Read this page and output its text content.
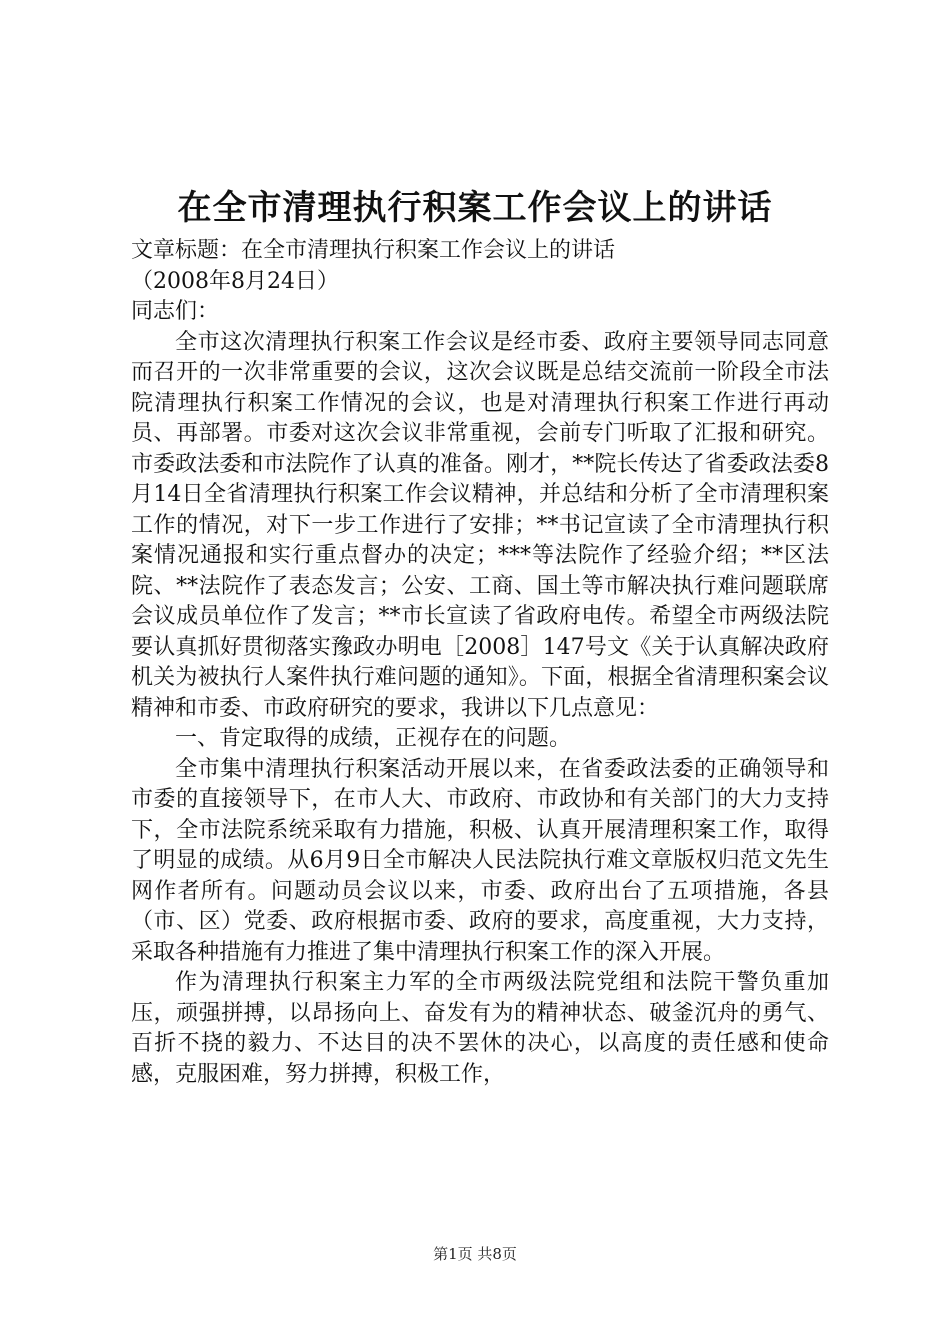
在全市清理执行积案工作会议上的讲话

文章标题：在全市清理执行积案工作会议上的讲话

（2008年8月24日）

同志们：

全市这次清理执行积案工作会议是经市委、政府主要领导同志同意而召开的一次非常重要的会议，这次会议既是总结交流前一阶段全市法院清理执行积案工作情况的会议，也是对清理执行积案工作进行再动员、再部署。市委对这次会议非常重视，会前专门听取了汇报和研究。市委政法委和市法院作了认真的准备。刚才，**院长传达了省委政法委8月14日全省清理执行积案工作会议精神，并总结和分析了全市清理积案工作的情况，对下一步工作进行了安排；**书记宣读了全市清理执行积案情况通报和实行重点督办的决定；***等法院作了经验介绍；**区法院、**法院作了表态发言；公安、工商、国土等市解决执行难问题联席会议成员单位作了发言；**市长宣读了省政府电传。希望全市两级法院要认真抓好贯彻落实豫政办明电［2008］147号文《关于认真解决政府机关为被执行人案件执行难问题的通知》。下面，根据全省清理积案会议精神和市委、市政府研究的要求，我讲以下几点意见：

一、肯定取得的成绩，正视存在的问题。

全市集中清理执行积案活动开展以来，在省委政法委的正确领导和市委的直接领导下，在市人大、市政府、市政协和有关部门的大力支持下，全市法院系统采取有力措施，积极、认真开展清理积案工作，取得了明显的成绩。从6月9日全市解决人民法院执行难文章版权归范文先生网作者所有。问题动员会议以来，市委、政府出台了五项措施，各县（市、区）党委、政府根据市委、政府的要求，高度重视，大力支持，采取各种措施有力推进了集中清理执行积案工作的深入开展。

作为清理执行积案主力军的全市两级法院党组和法院干警负重加压，顽强拼搏，以昂扬向上、奋发有为的精神状态、破釜沉舟的勇气、百折不挠的毅力、不达目的决不罢休的决心，以高度的责任感和使命感，克服困难，努力拼搏，积极工作，

第1页 共8页
